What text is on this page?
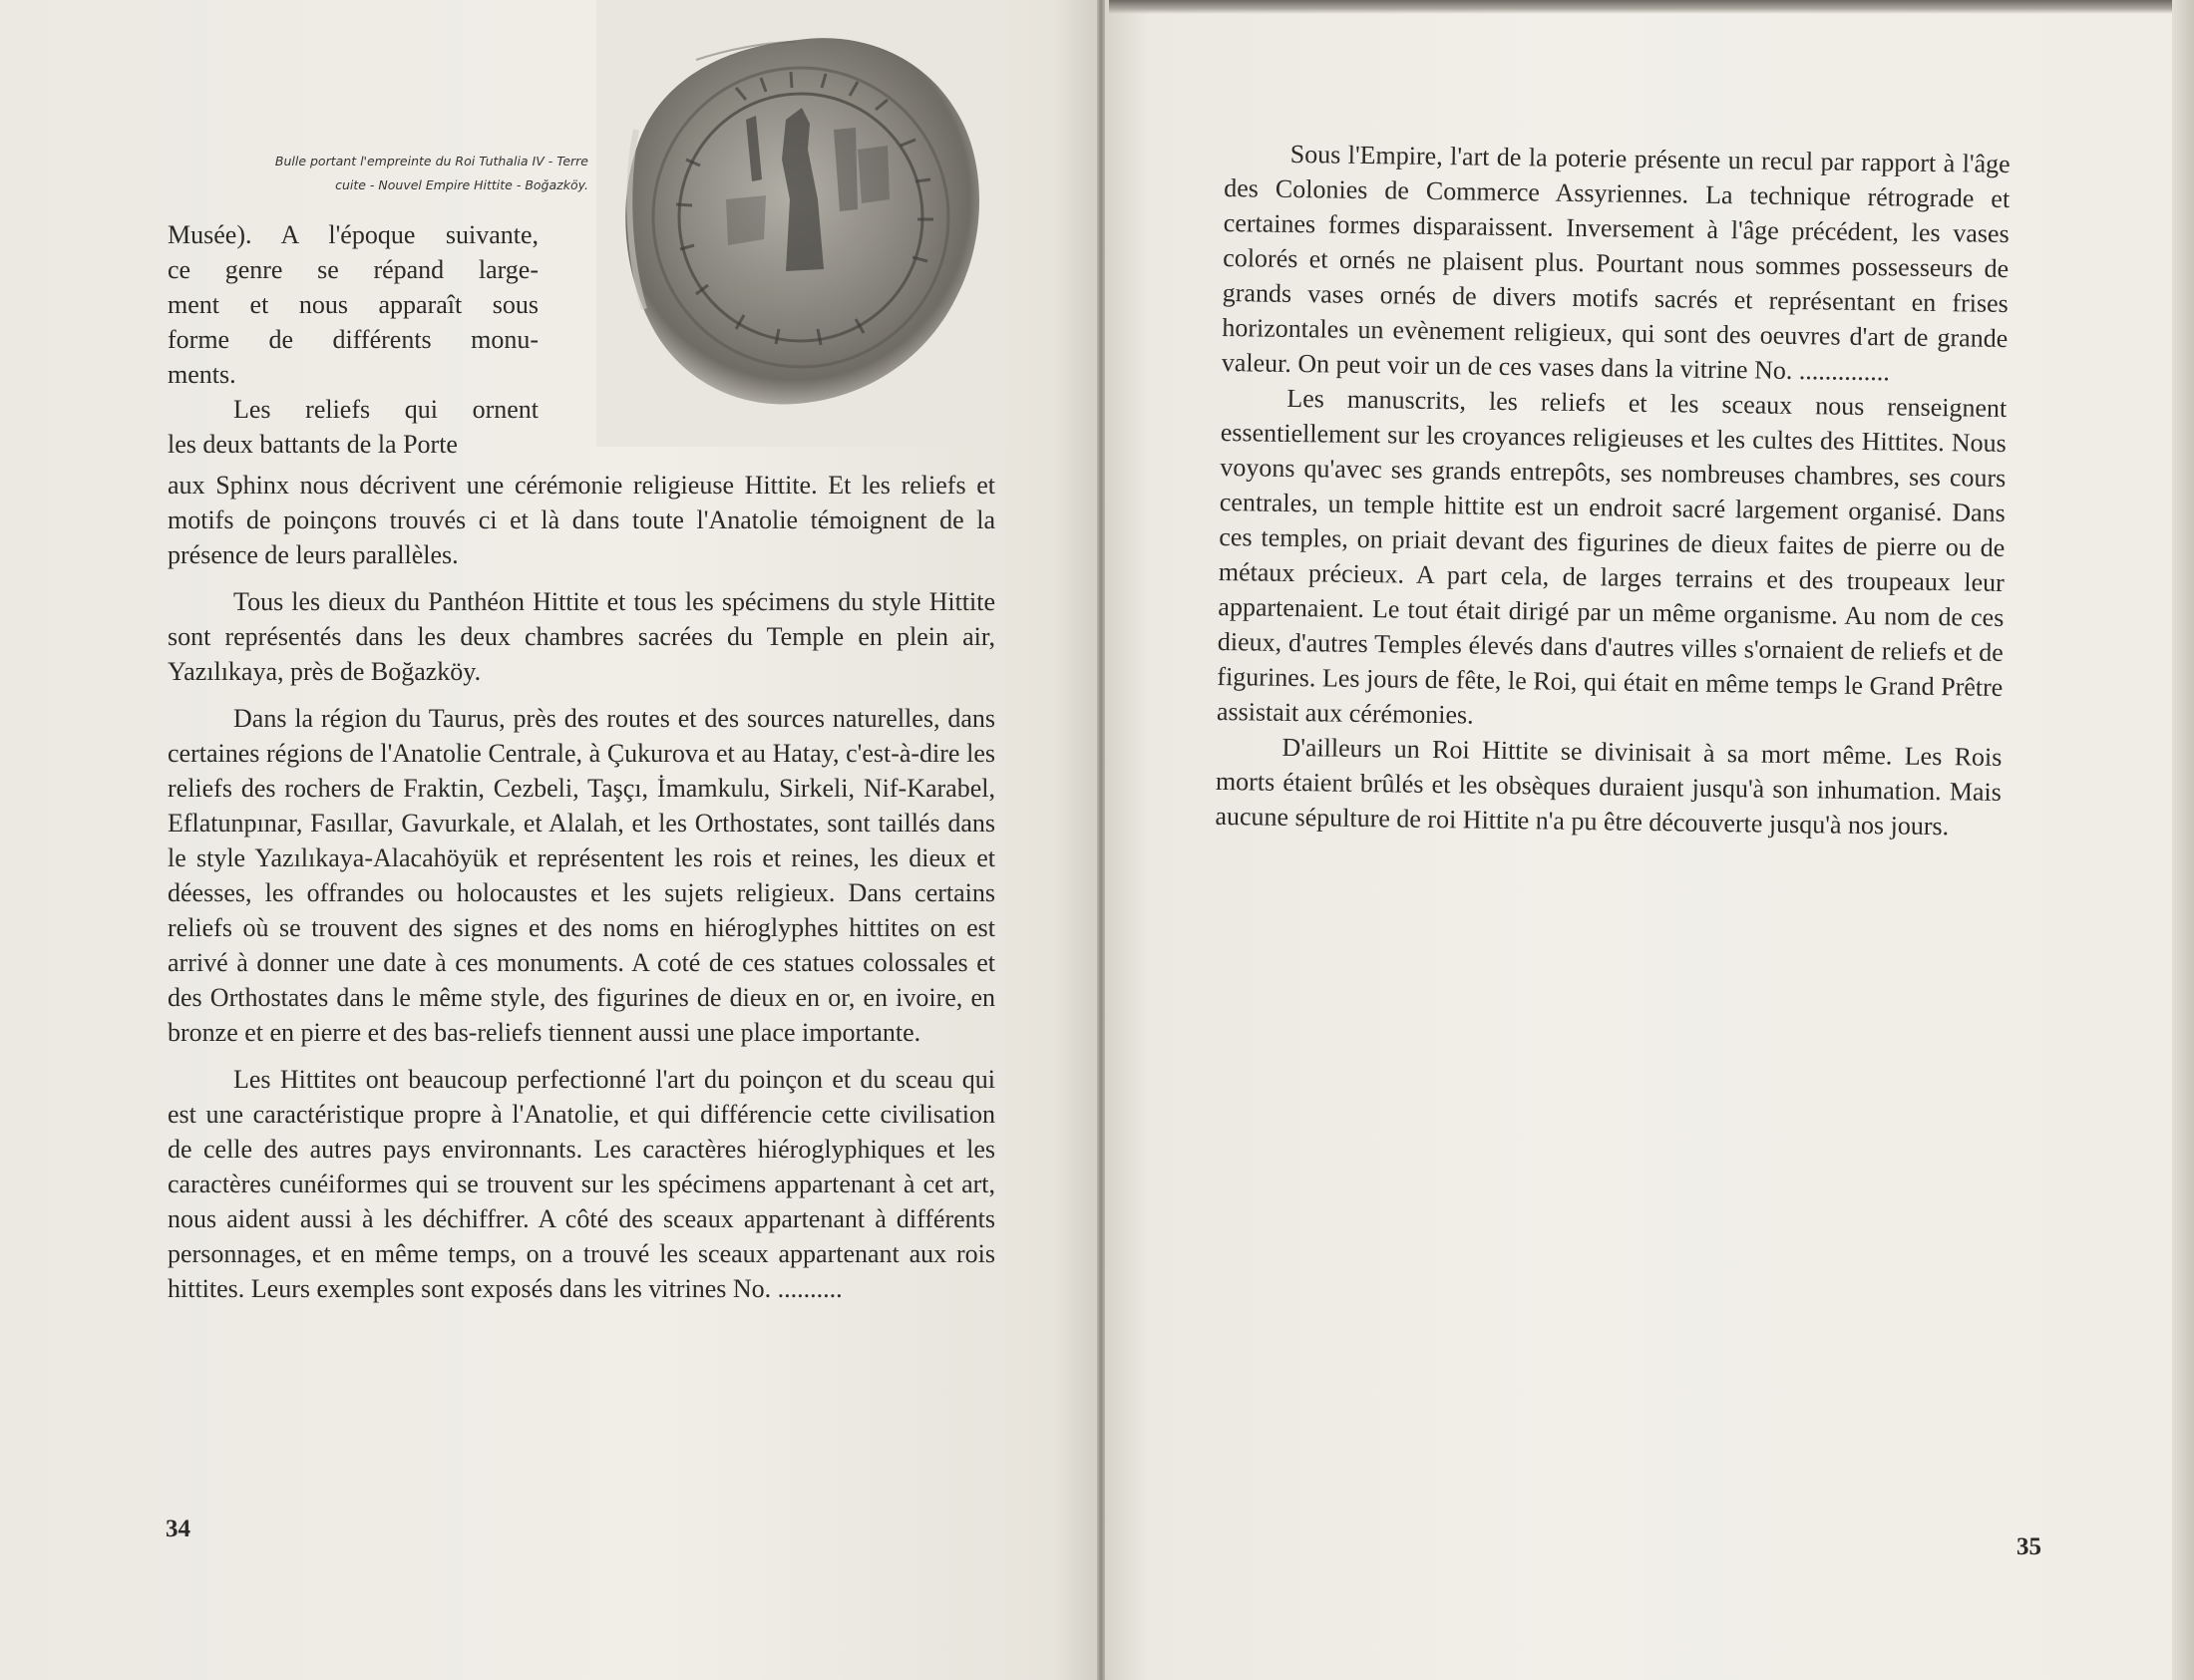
Bulle portant l'empreinte du Roi Tuthalia IV - Terre
cuite - Nouvel Empire Hittite - Boğazköy.
Musée). A l'époque suivante,
ce genre se répand large-
ment et nous apparaît sous
forme de différents monu-
ments.
Les reliefs qui ornent
les deux battants de la Porte

aux Sphinx nous décrivent une cérémonie religieuse Hittite. Et les reliefs et motifs de poinçons trouvés ci et là dans toute l'Anatolie témoignent de la présence de leurs parallèles.

Tous les dieux du Panthéon Hittite et tous les spécimens du style Hittite sont représentés dans les deux chambres sacrées du Temple en plein air, Yazılıkaya, près de Boğazköy.

Dans la région du Taurus, près des routes et des sources naturelles, dans certaines régions de l'Anatolie Centrale, à Çukurova et au Hatay, c'est-à-dire les reliefs des rochers de Fraktin, Cezbeli, Taşçı, İmamkulu, Sirkeli, Nif-Karabel, Eflatunpınar, Fasıllar, Gavurkale, et Alalah, et les Orthostates, sont taillés dans le style Yazılıkaya-Alacahöyük et représentent les rois et reines, les dieux et déesses, les offrandes ou holocaustes et les sujets religieux. Dans certains reliefs où se trouvent des signes et des noms en hiéroglyphes hittites on est arrivé à donner une date à ces monuments. A coté de ces statues colossales et des Orthostates dans le même style, des figurines de dieux en or, en ivoire, en bronze et en pierre et des bas-reliefs tiennent aussi une place importante.

Les Hittites ont beaucoup perfectionné l'art du poinçon et du sceau qui est une caractéristique propre à l'Anatolie, et qui différencie cette civilisation de celle des autres pays environnants. Les caractères hiéroglyphiques et les caractères cunéiformes qui se trouvent sur les spécimens appartenant à cet art, nous aident aussi à les déchiffrer. A côté des sceaux appartenant à différents personnages, et en même temps, on a trouvé les sceaux appartenant aux rois hittites. Leurs exemples sont exposés dans les vitrines No. ..........

34

Sous l'Empire, l'art de la poterie présente un recul par rapport à l'âge des Colonies de Commerce Assyriennes. La technique rétrograde et certaines formes disparaissent. Inversement à l'âge précédent, les vases colorés et ornés ne plaisent plus. Pourtant nous sommes possesseurs de grands vases ornés de divers motifs sacrés et représentant en frises horizontales un evènement religieux, qui sont des oeuvres d'art de grande valeur. On peut voir un de ces vases dans la vitrine No. ..............

Les manuscrits, les reliefs et les sceaux nous renseignent essentiellement sur les croyances religieuses et les cultes des Hittites. Nous voyons qu'avec ses grands entrepôts, ses nombreuses chambres, ses cours centrales, un temple hittite est un endroit sacré largement organisé. Dans ces temples, on priait devant des figurines de dieux faites de pierre ou de métaux précieux. A part cela, de larges terrains et des troupeaux leur appartenaient. Le tout était dirigé par un même organisme. Au nom de ces dieux, d'autres Temples élevés dans d'autres villes s'ornaient de reliefs et de figurines. Les jours de fête, le Roi, qui était en même temps le Grand Prêtre assistait aux cérémonies.

D'ailleurs un Roi Hittite se divinisait à sa mort même. Les Rois morts étaient brûlés et les obsèques duraient jusqu'à son inhumation. Mais aucune sépulture de roi Hittite n'a pu être découverte jusqu'à nos jours.

35
